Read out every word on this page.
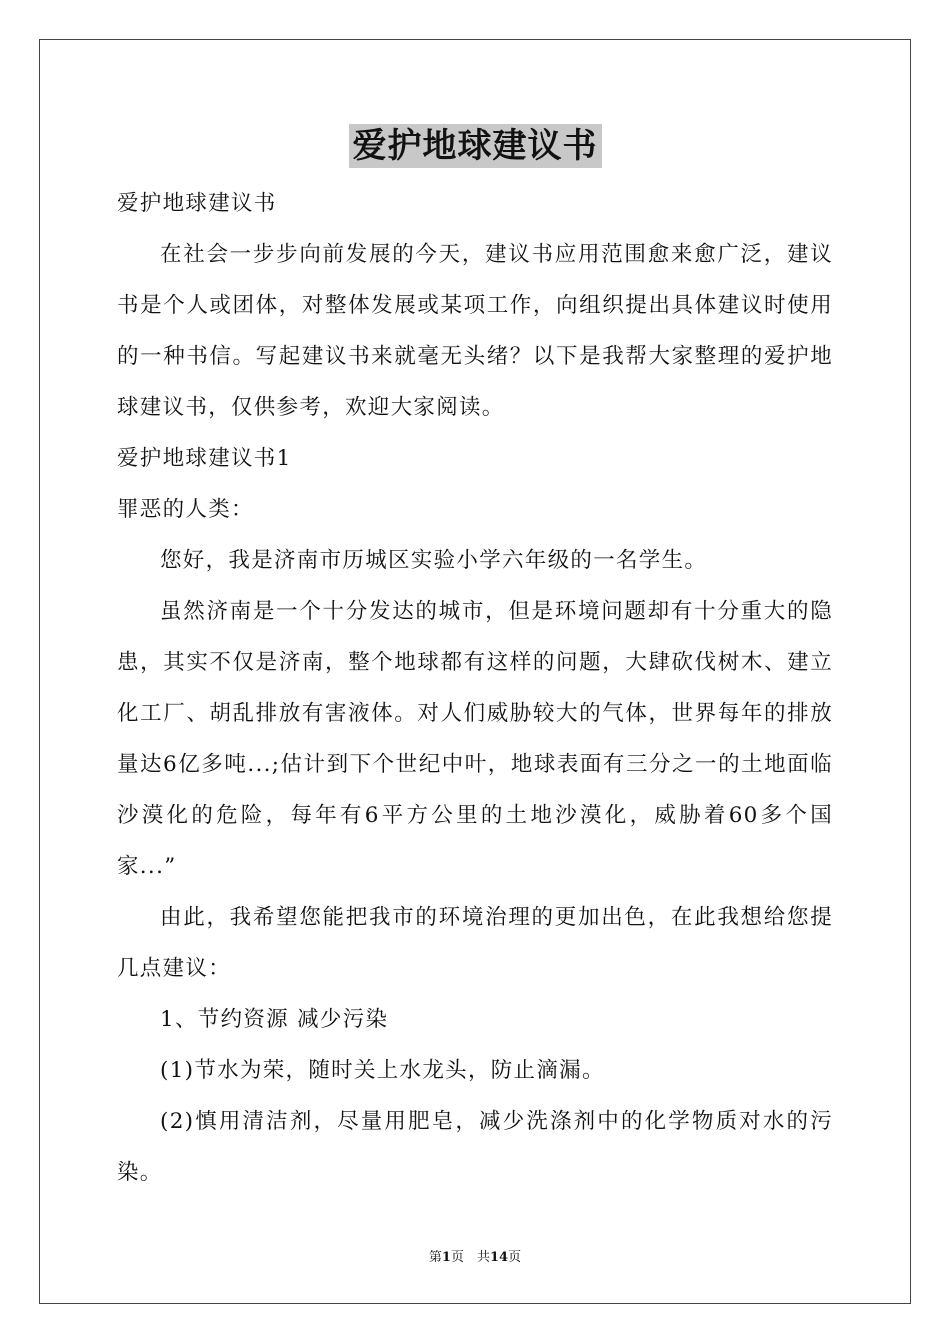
爱护地球建议书

爱护地球建议书

在社会一步步向前发展的今天，建议书应用范围愈来愈广泛，建议书是个人或团体，对整体发展或某项工作，向组织提出具体建议时使用的一种书信。写起建议书来就毫无头绪？以下是我帮大家整理的爱护地球建议书，仅供参考，欢迎大家阅读。

爱护地球建议书1

罪恶的人类：

您好，我是济南市历城区实验小学六年级的一名学生。

虽然济南是一个十分发达的城市，但是环境问题却有十分重大的隐患，其实不仅是济南，整个地球都有这样的问题，大肆砍伐树木、建立化工厂、胡乱排放有害液体。对人们威胁较大的气体，世界每年的排放量达6亿多吨...;估计到下个世纪中叶，地球表面有三分之一的土地面临沙漠化的危险，每年有6平方公里的土地沙漠化，威胁着60多个国家...”

由此，我希望您能把我市的环境治理的更加出色，在此我想给您提几点建议：

1、节约资源 减少污染

(1)节水为荣，随时关上水龙头，防止滴漏。

(2)慎用清洁剂，尽量用肥皂，减少洗涤剂中的化学物质对水的污染。

第1页　共14页
